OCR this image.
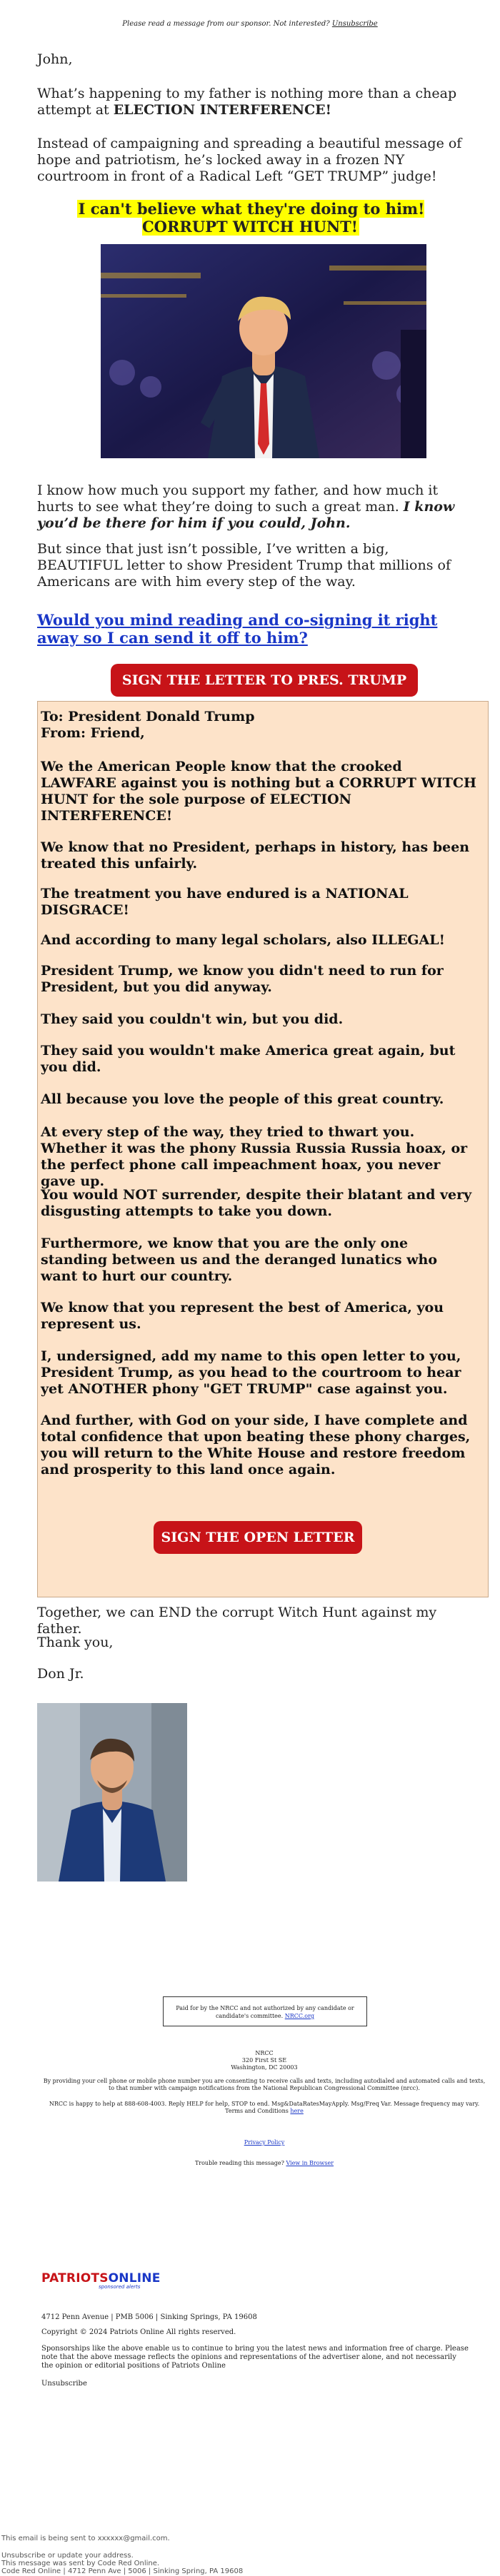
Please read a message from our sponsor. Not interested? Unsubscribe

John,

What’s happening to my father is nothing more than a cheap attempt at ELECTION INTERFERENCE!

Instead of campaigning and spreading a beautiful message of hope and patriotism, he’s locked away in a frozen NY courtroom in front of a Radical Left “GET TRUMP” judge!

I can't believe what they're doing to him! CORRUPT WITCH HUNT!

I know how much you support my father, and how much it hurts to see what they’re doing to such a great man. I know you’d be there for him if you could, John.

But since that just isn’t possible, I’ve written a big, BEAUTIFUL letter to show President Trump that millions of Americans are with him every step of the way.

Would you mind reading and co-signing it right away so I can send it off to him?
SIGN THE LETTER TO PRES. TRUMP

To: President Donald Trump

From: Friend,

We the American People know that the crooked LAWFARE against you is nothing but a CORRUPT WITCH HUNT for the sole purpose of ELECTION INTERFERENCE!

We know that no President, perhaps in history, has been treated this unfairly.

The treatment you have endured is a NATIONAL DISGRACE!

And according to many legal scholars, also ILLEGAL!

President Trump, we know you didn't need to run for President, but you did anyway.

They said you couldn't win, but you did.

They said you wouldn't make America great again, but you did.

All because you love the people of this great country.

At every step of the way, they tried to thwart you. Whether it was the phony Russia Russia Russia hoax, or the perfect phone call impeachment hoax, you never gave up.

You would NOT surrender, despite their blatant and very disgusting attempts to take you down.

Furthermore, we know that you are the only one standing between us and the deranged lunatics who want to hurt our country.

We know that you represent the best of America, you represent us.

I, undersigned, add my name to this open letter to you, President Trump, as you head to the courtroom to hear yet ANOTHER phony "GET TRUMP" case against you.

And further, with God on your side, I have complete and total confidence that upon beating these phony charges, you will return to the White House and restore freedom and prosperity to this land once again.

SIGN THE OPEN LETTER

Together, we can END the corrupt Witch Hunt against my father.

Thank you,

Don Jr.

Paid for by the NRCC and not authorized by any candidate or candidate's committee. NRCC.org
NRCC
320 First St SE
Washington, DC 20003
By providing your cell phone or mobile phone number you are consenting to receive calls and texts, including autodialed and automated calls and texts, to that number with campaign notifications from the National Republican Congressional Committee (nrcc).
NRCC is happy to help at 888-608-4003. Reply HELP for help, STOP to end. Msg&DataRatesMayApply. Msg/Freq Var. Message frequency may vary. Terms and Conditions here
Privacy Policy
Trouble reading this message? View in Browser
PATRIOTSONLINE
sponsored alerts
4712 Penn Avenue | PMB 5006 | Sinking Springs, PA 19608
Copyright © 2024 Patriots Online All rights reserved.
Sponsorships like the above enable us to continue to bring you the latest news and information free of charge. Please note that the above message reflects the opinions and representations of the advertiser alone, and not necessarily the opinion or editorial positions of Patriots Online
Unsubscribe
This email is being sent to xxxxxx@gmail.com.
Unsubscribe or update your address.
This message was sent by Code Red Online.
Code Red Online | 4712 Penn Ave | 5006 | Sinking Spring, PA 19608
